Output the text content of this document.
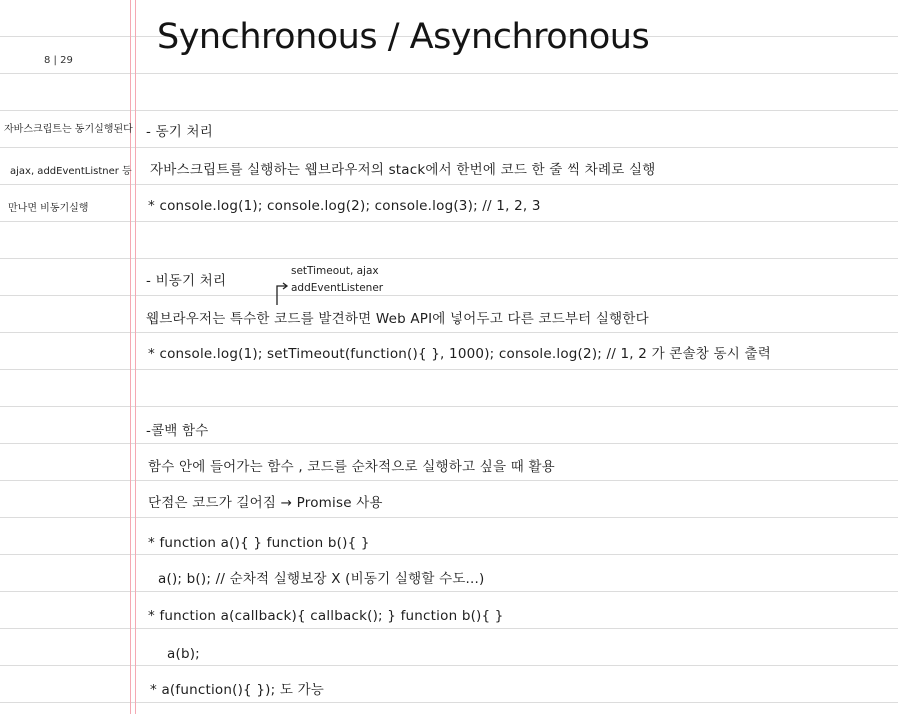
Synchronous / Asynchronous
8 | 29
자바스크립트는 동기실행된다
ajax, addEventListner 등
만나면 비동기실행
- 동기 처리
자바스크립트를 실행하는 웹브라우저의 stack에서 한번에 코드 한 줄 씩 차례로 실행
* console.log(1); console.log(2); console.log(3); // 1, 2, 3
- 비동기 처리
setTimeout, ajax
addEventListener
웹브라우저는 특수한 코드를 발견하면 Web API에 넣어두고 다른 코드부터 실행한다
* console.log(1); setTimeout(function(){ }, 1000); console.log(2); // 1, 2 가 콘솔창 동시 출력
-콜백 함수
함수 안에 들어가는 함수 , 코드를 순차적으로 실행하고 싶을 때 활용
단점은 코드가 길어짐 → Promise 사용
* function a(){ } function b(){ }
a(); b(); // 순차적 실행보장 X (비동기 실행할 수도...)
* function a(callback){ callback(); } function b(){ }
a(b);
* a(function(){ }); 도 가능
